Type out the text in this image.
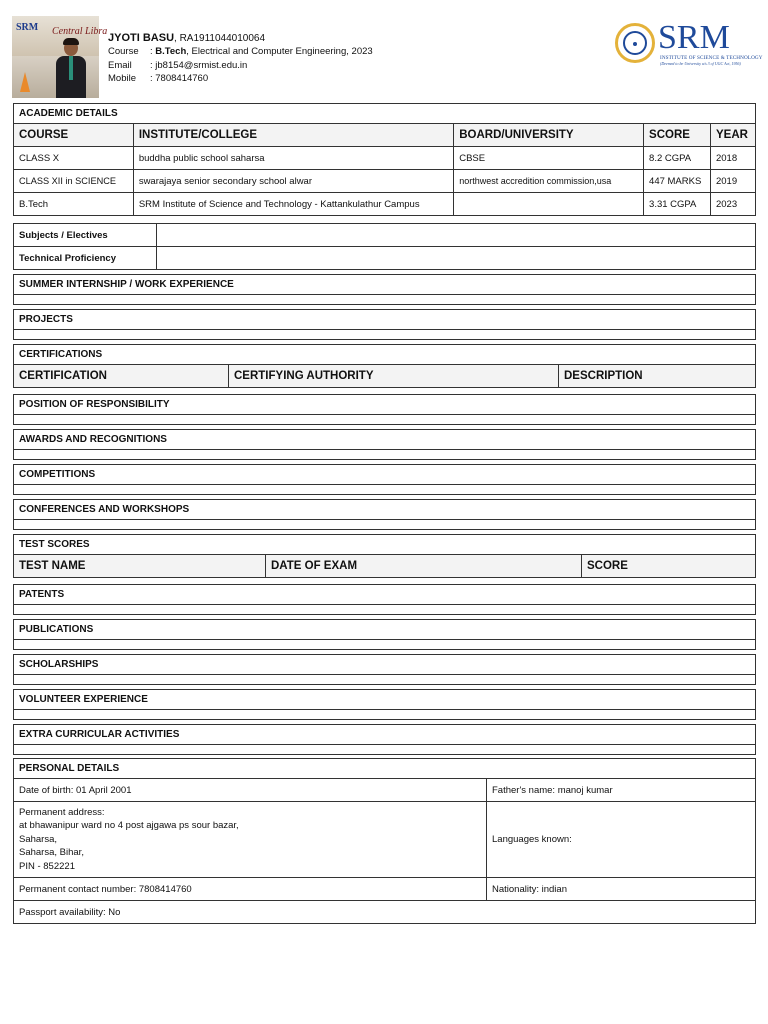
SRM Central Libra
JYOTI BASU, RA1911044010064
Course : B.Tech, Electrical and Computer Engineering, 2023
Email : jb8154@srmist.edu.in
Mobile : 7808414760
SRM
INSTITUTE OF SCIENCE & TECHNOLOGY
(Deemed to be University u/s 3 of UGC Act, 1956)
ACADEMIC DETAILS				
COURSE	INSTITUTE/COLLEGE	BOARD/UNIVERSITY	SCORE	YEAR
CLASS X	buddha public school saharsa	CBSE	8.2 CGPA	2018
CLASS XII in SCIENCE	swarajaya senior secondary school alwar	northwest accredition commission,usa	447 MARKS	2019
B.Tech	SRM Institute of Science and Technology - Kattankulathur Campus		3.31 CGPA	2023
Subjects / Electives	
Technical Proficiency	
SUMMER INTERNSHIP / WORK EXPERIENCE

PROJECTS

CERTIFICATIONS
CERTIFICATION	CERTIFYING AUTHORITY	DESCRIPTION
POSITION OF RESPONSIBILITY

AWARDS AND RECOGNITIONS

COMPETITIONS

CONFERENCES AND WORKSHOPS

TEST SCORES
TEST NAME	DATE OF EXAM	SCORE
PATENTS

PUBLICATIONS

SCHOLARSHIPS

VOLUNTEER EXPERIENCE

EXTRA CURRICULAR ACTIVITIES

PERSONAL DETAILS	
Date of birth: 01 April 2001	Father's name: manoj kumar

Permanent address:
at bhawanipur ward no 4 post ajgawa ps sour bazar,
Saharsa,
Saharsa, Bihar,
PIN - 852221	Languages known:
Permanent contact number: 7808414760	Nationality: indian
Passport availability: No	
